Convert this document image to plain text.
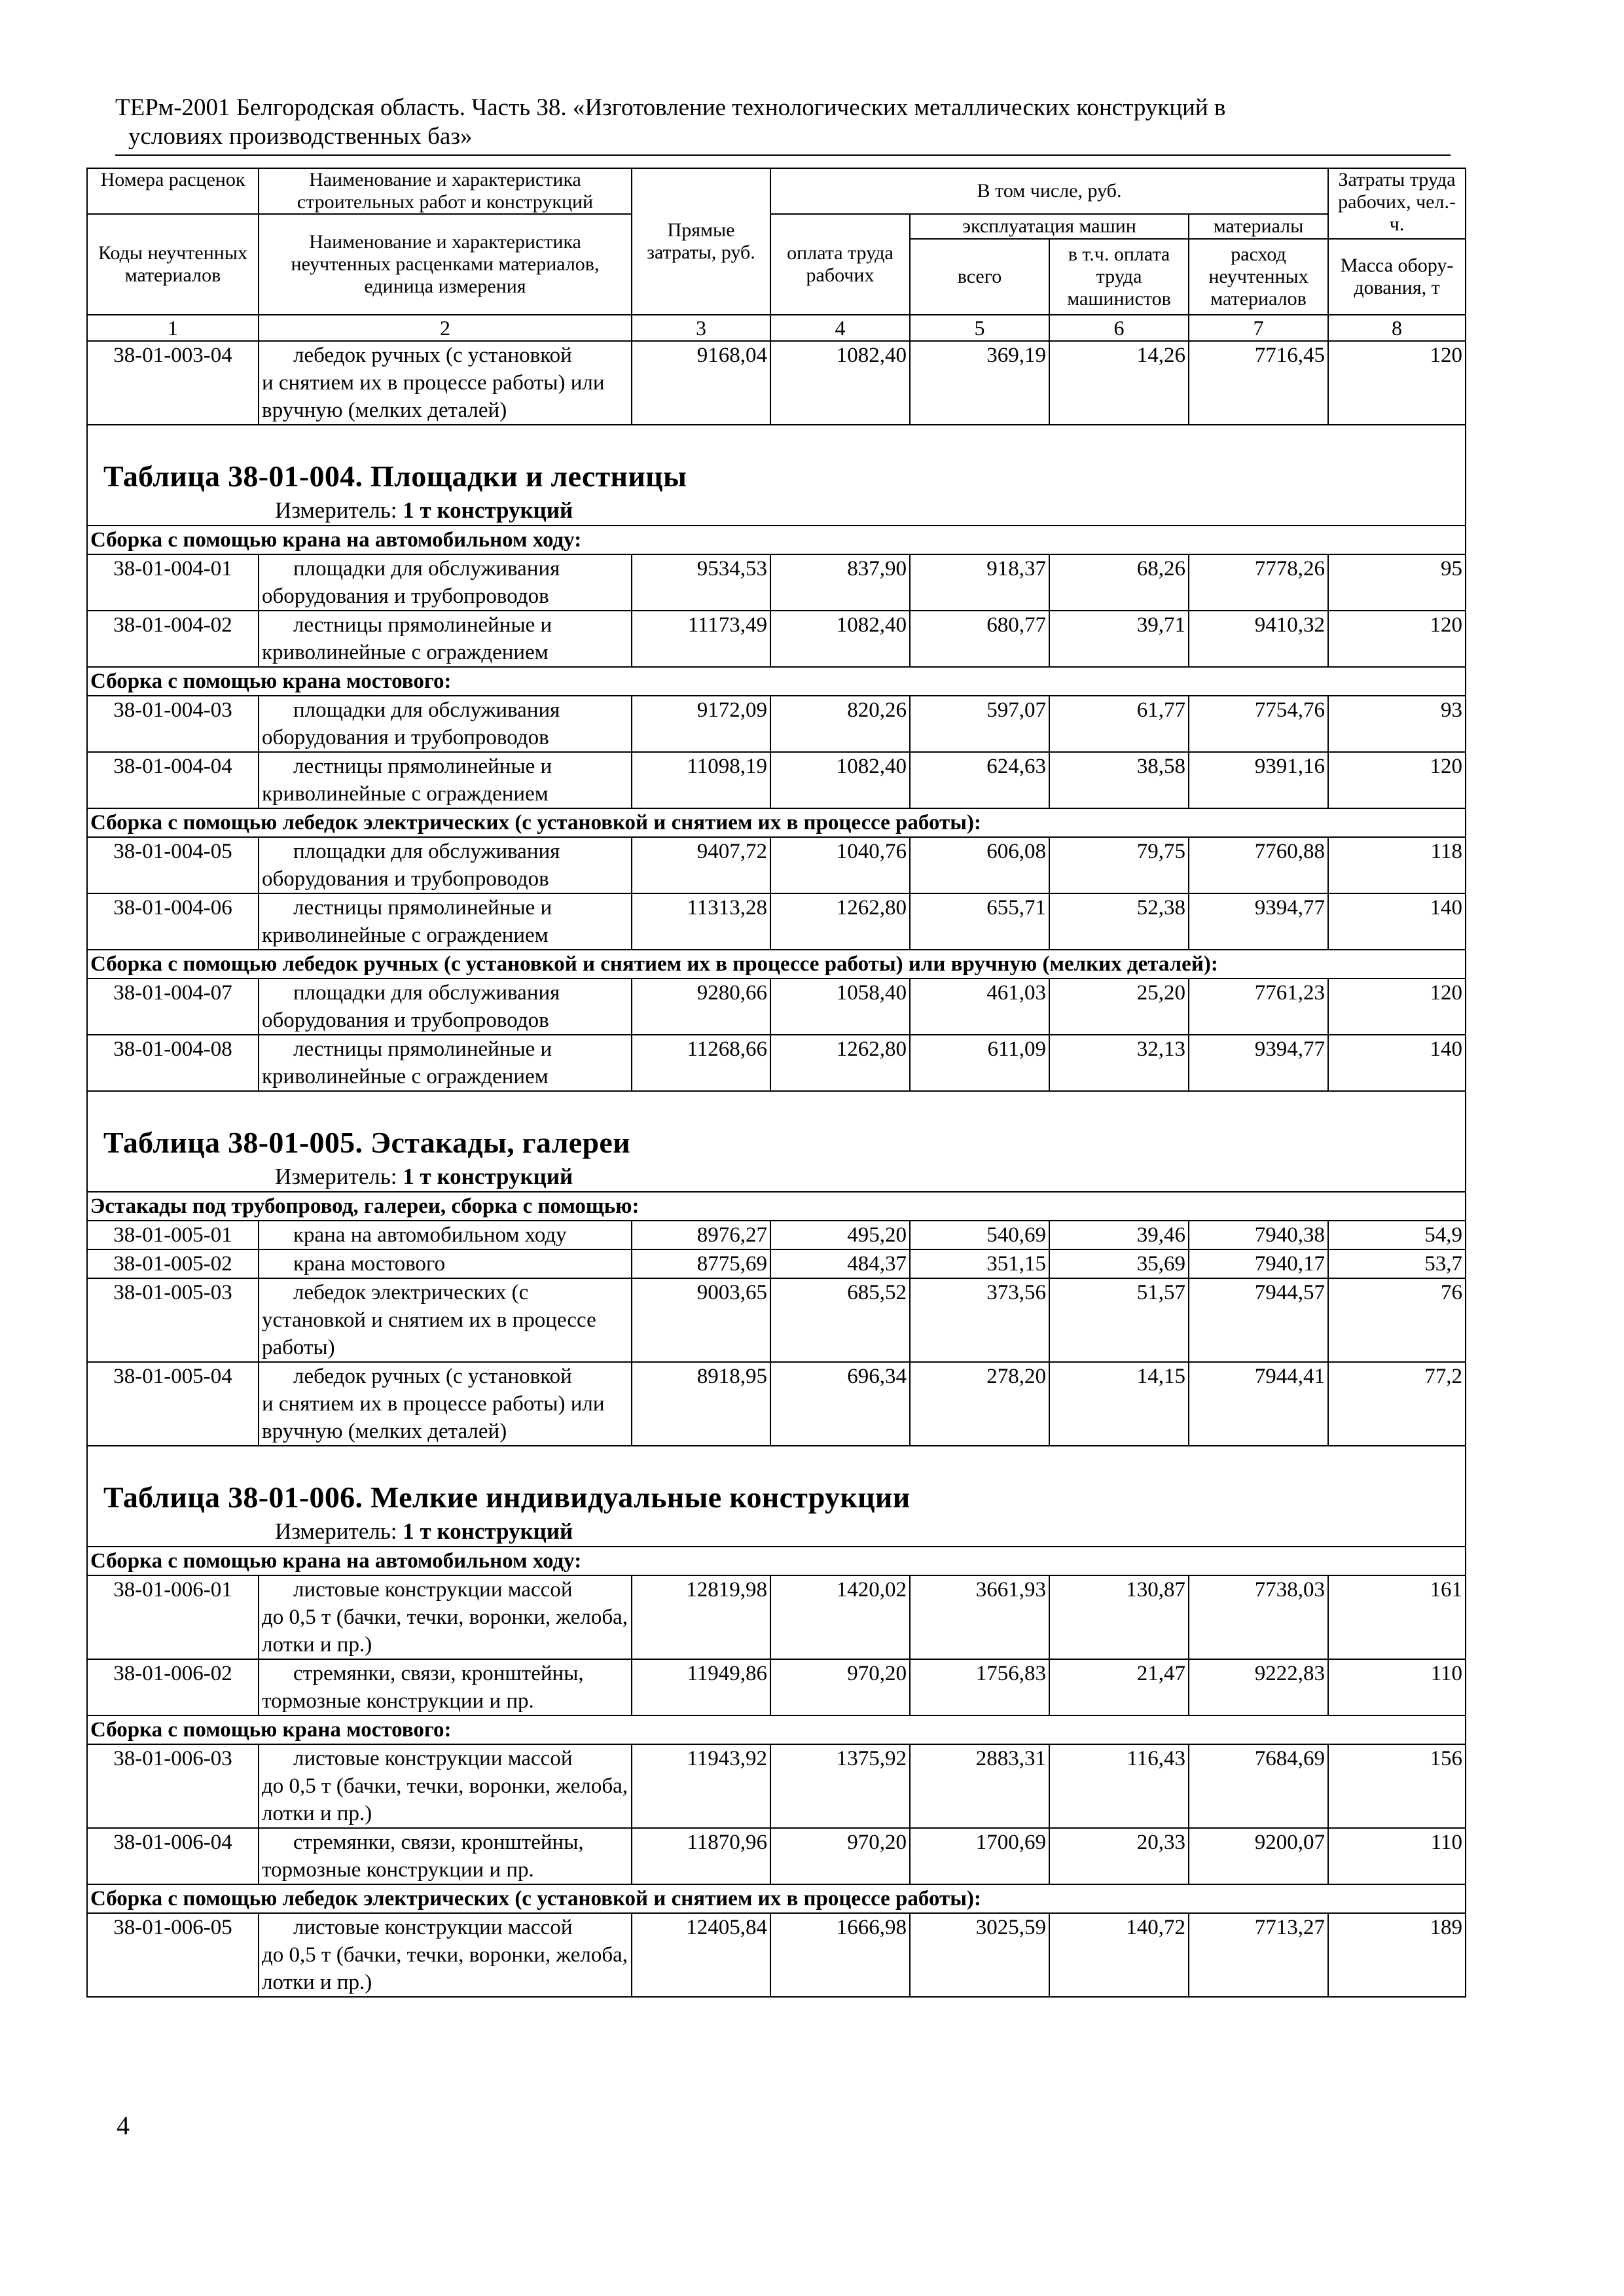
ТЕРм-2001 Белгородская область. Часть 38. «Изготовление технологических металлических конструкций в
условиях производственных баз»
Номера расценок	Наименование и характеристика строительных работ и конструкций	Прямые затраты, руб.	В том числе, руб.				Затраты труда рабочих, чел.-ч.
Коды неучтенных материалов	Наименование и характеристика неучтенных расценками материалов, единица измерения		оплата труда рабочих	эксплуатация машин		материалы	
				всего	в т.ч. оплата труда машинистов	расход неучтенных материалов	Масса обору-дования, т
1	2	3	4	5	6	7	8
38-01-003-04	лебедок ручных (с установкой
и снятием их в процессе работы) или вручную (мелких деталей)	9168,04	1082,40	369,19	14,26	7716,45	120

Таблица 38-01-004. Площадки и лестницы
Измеритель: 1 т конструкций							

Сборка с помощью крана на автомобильном ходу:							
38-01-004-01	площадки для обслуживания
оборудования и трубопроводов	9534,53	837,90	918,37	68,26	7778,26	95
38-01-004-02	лестницы прямолинейные и
криволинейные с ограждением	11173,49	1082,40	680,77	39,71	9410,32	120
Сборка с помощью крана мостового:							
38-01-004-03	площадки для обслуживания
оборудования и трубопроводов	9172,09	820,26	597,07	61,77	7754,76	93
38-01-004-04	лестницы прямолинейные и
криволинейные с ограждением	11098,19	1082,40	624,63	38,58	9391,16	120
Сборка с помощью лебедок электрических (с установкой и снятием их в процессе работы):							
38-01-004-05	площадки для обслуживания
оборудования и трубопроводов	9407,72	1040,76	606,08	79,75	7760,88	118
38-01-004-06	лестницы прямолинейные и
криволинейные с ограждением	11313,28	1262,80	655,71	52,38	9394,77	140
Сборка с помощью лебедок ручных (с установкой и снятием их в процессе работы) или вручную (мелких деталей):							
38-01-004-07	площадки для обслуживания
оборудования и трубопроводов	9280,66	1058,40	461,03	25,20	7761,23	120
38-01-004-08	лестницы прямолинейные и
криволинейные с ограждением	11268,66	1262,80	611,09	32,13	9394,77	140

Таблица 38-01-005. Эстакады, галереи
Измеритель: 1 т конструкций							

Эстакады под трубопровод, галереи, сборка с помощью:							
38-01-005-01	крана на автомобильном ходу	8976,27	495,20	540,69	39,46	7940,38	54,9
38-01-005-02	крана мостового	8775,69	484,37	351,15	35,69	7940,17	53,7
38-01-005-03	лебедок электрических (с
установкой и снятием их в процессе работы)	9003,65	685,52	373,56	51,57	7944,57	76
38-01-005-04	лебедок ручных (с установкой
и снятием их в процессе работы) или вручную (мелких деталей)	8918,95	696,34	278,20	14,15	7944,41	77,2

Таблица 38-01-006. Мелкие индивидуальные конструкции
Измеритель: 1 т конструкций							

Сборка с помощью крана на автомобильном ходу:							
38-01-006-01	листовые конструкции массой
до 0,5 т (бачки, течки, воронки, желоба, лотки и пр.)	12819,98	1420,02	3661,93	130,87	7738,03	161
38-01-006-02	стремянки, связи, кронштейны,
тормозные конструкции и пр.	11949,86	970,20	1756,83	21,47	9222,83	110
Сборка с помощью крана мостового:							
38-01-006-03	листовые конструкции массой
до 0,5 т (бачки, течки, воронки, желоба, лотки и пр.)	11943,92	1375,92	2883,31	116,43	7684,69	156
38-01-006-04	стремянки, связи, кронштейны,
тормозные конструкции и пр.	11870,96	970,20	1700,69	20,33	9200,07	110
Сборка с помощью лебедок электрических (с установкой и снятием их в процессе работы):							
38-01-006-05	листовые конструкции массой
до 0,5 т (бачки, течки, воронки, желоба, лотки и пр.)	12405,84	1666,98	3025,59	140,72	7713,27	189
4
